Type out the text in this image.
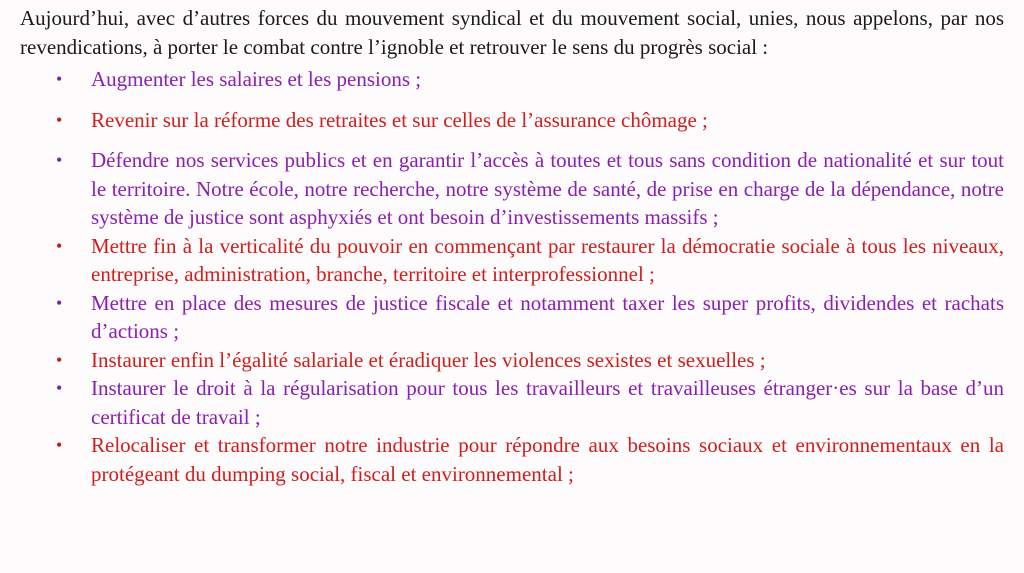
Aujourd’hui, avec d’autres forces du mouvement syndical et du mouvement social, unies, nous appelons, par nos revendications, à porter le combat contre l’ignoble et retrouver le sens du progrès social :

• Augmenter les salaires et les pensions ;
• Revenir sur la réforme des retraites et sur celles de l’assurance chômage ;
• Défendre nos services publics et en garantir l’accès à toutes et tous sans condition de nationalité et sur tout le territoire. Notre école, notre recherche, notre système de santé, de prise en charge de la dépendance, notre système de justice sont asphyxiés et ont besoin d’investissements massifs ;
• Mettre fin à la verticalité du pouvoir en commençant par restaurer la démocratie sociale à tous les niveaux, entreprise, administration, branche, territoire et interprofessionnel ;
• Mettre en place des mesures de justice fiscale et notamment taxer les super profits, dividendes et rachats d’actions ;
• Instaurer enfin l’égalité salariale et éradiquer les violences sexistes et sexuelles ;
• Instaurer le droit à la régularisation pour tous les travailleurs et travailleuses étranger·es sur la base d’un certificat de travail ;
• Relocaliser et transformer notre industrie pour répondre aux besoins sociaux et environnementaux en la protégeant du dumping social, fiscal et environnemental ;
